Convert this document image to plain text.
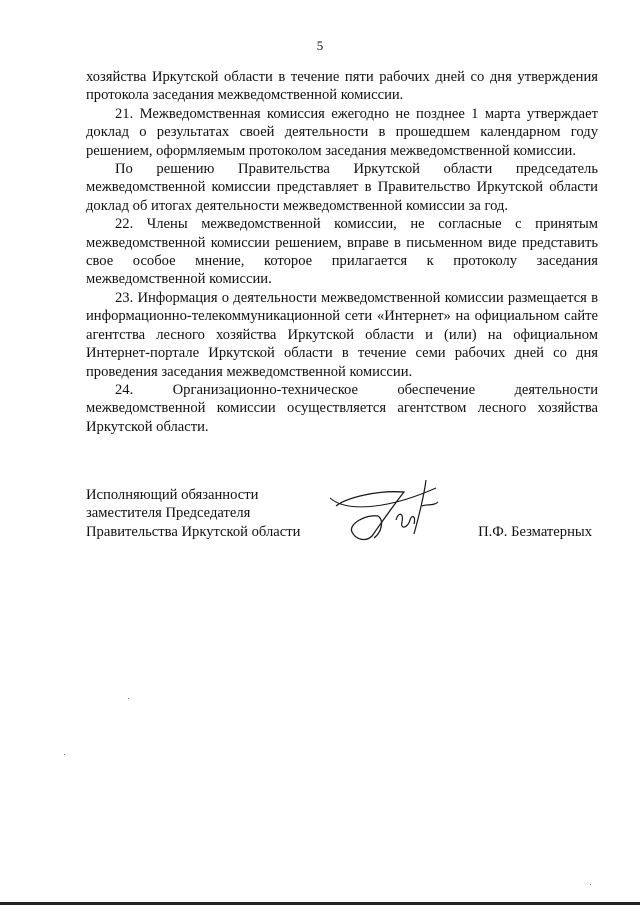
5

хозяйства Иркутской области в течение пяти рабочих дней со дня утверждения протокола заседания межведомственной комиссии.

21. Межведомственная комиссия ежегодно не позднее 1 марта утверждает доклад о результатах своей деятельности в прошедшем календарном году решением, оформляемым протоколом заседания межведомственной комиссии.

По решению Правительства Иркутской области председатель межведомственной комиссии представляет в Правительство Иркутской области доклад об итогах деятельности межведомственной комиссии за год.

22. Члены межведомственной комиссии, не согласные с принятым межведомственной комиссии решением, вправе в письменном виде представить свое особое мнение, которое прилагается к протоколу заседания межведомственной комиссии.

23. Информация о деятельности межведомственной комиссии размещается в информационно-телекоммуникационной сети «Интернет» на официальном сайте агентства лесного хозяйства Иркутской области и (или) на официальном Интернет-портале Иркутской области в течение семи рабочих дней со дня проведения заседания межведомственной комиссии.

24. Организационно-техническое обеспечение деятельности межведомственной комиссии осуществляется агентством лесного хозяйства Иркутской области.

Исполняющий обязанности
заместителя Председателя
Правительства Иркутской области	П.Ф. Безматерных
